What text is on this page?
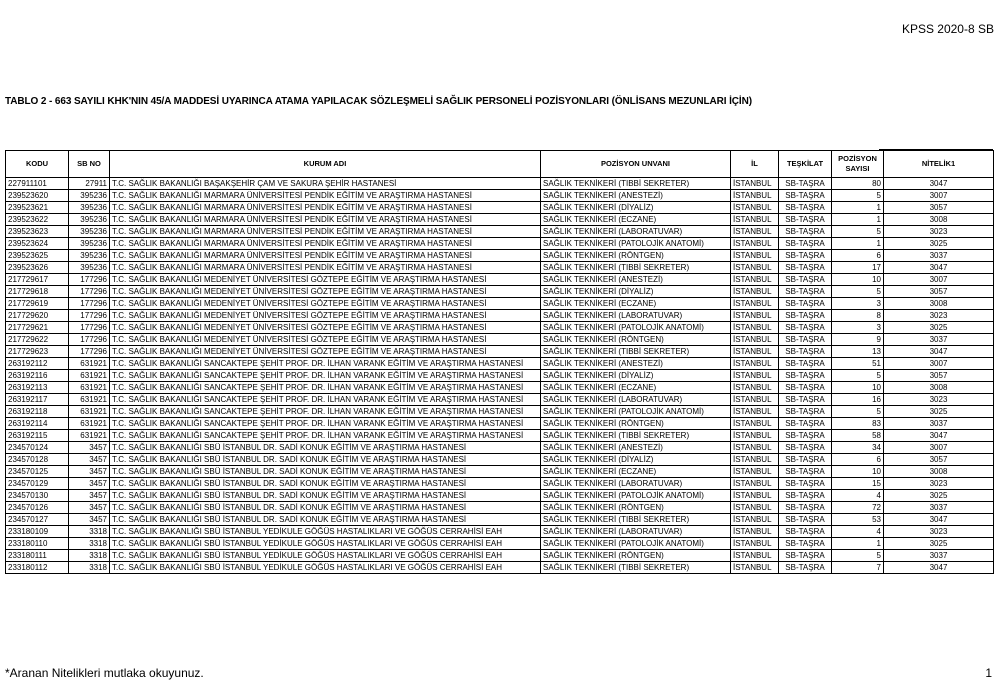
KPSS 2020-8 SB
TABLO 2 - 663 SAYILI KHK'NIN 45/A MADDESİ UYARINCA ATAMA YAPILACAK SÖZLEŞMELİ SAĞLIK PERSONELİ POZİSYONLARI (ÖNLİSANS MEZUNLARI İÇİN)
KODU	SB NO	KURUM ADI	POZİSYON UNVANI	İL	TEŞKİLAT	POZİSYON SAYISI	NİTELİK1
227911101	27911	T.C. SAĞLIK BAKANLIĞI BAŞAKŞEHİR ÇAM VE SAKURA ŞEHİR HASTANESİ	SAĞLIK TEKNİKERİ (TIBBİ SEKRETER)	İSTANBUL	SB-TAŞRA	80	3047
239523620	395236	T.C. SAĞLIK BAKANLIĞI MARMARA ÜNİVERSİTESİ PENDİK EĞİTİM VE ARAŞTIRMA HASTANESİ	SAĞLIK TEKNİKERİ (ANESTEZİ)	İSTANBUL	SB-TAŞRA	5	3007
239523621	395236	T.C. SAĞLIK BAKANLIĞI MARMARA ÜNİVERSİTESİ PENDİK EĞİTİM VE ARAŞTIRMA HASTANESİ	SAĞLIK TEKNİKERİ (DİYALİZ)	İSTANBUL	SB-TAŞRA	1	3057
239523622	395236	T.C. SAĞLIK BAKANLIĞI MARMARA ÜNİVERSİTESİ PENDİK EĞİTİM VE ARAŞTIRMA HASTANESİ	SAĞLIK TEKNİKERİ (ECZANE)	İSTANBUL	SB-TAŞRA	1	3008
239523623	395236	T.C. SAĞLIK BAKANLIĞI MARMARA ÜNİVERSİTESİ PENDİK EĞİTİM VE ARAŞTIRMA HASTANESİ	SAĞLIK TEKNİKERİ (LABORATUVAR)	İSTANBUL	SB-TAŞRA	5	3023
239523624	395236	T.C. SAĞLIK BAKANLIĞI MARMARA ÜNİVERSİTESİ PENDİK EĞİTİM VE ARAŞTIRMA HASTANESİ	SAĞLIK TEKNİKERİ (PATOLOJİK ANATOMİ)	İSTANBUL	SB-TAŞRA	1	3025
239523625	395236	T.C. SAĞLIK BAKANLIĞI MARMARA ÜNİVERSİTESİ PENDİK EĞİTİM VE ARAŞTIRMA HASTANESİ	SAĞLIK TEKNİKERİ (RÖNTGEN)	İSTANBUL	SB-TAŞRA	6	3037
239523626	395236	T.C. SAĞLIK BAKANLIĞI MARMARA ÜNİVERSİTESİ PENDİK EĞİTİM VE ARAŞTIRMA HASTANESİ	SAĞLIK TEKNİKERİ (TIBBİ SEKRETER)	İSTANBUL	SB-TAŞRA	17	3047
217729617	177296	T.C. SAĞLIK BAKANLIĞI MEDENİYET ÜNİVERSİTESİ GÖZTEPE EĞİTİM VE ARAŞTIRMA HASTANESİ	SAĞLIK TEKNİKERİ (ANESTEZİ)	İSTANBUL	SB-TAŞRA	10	3007
217729618	177296	T.C. SAĞLIK BAKANLIĞI MEDENİYET ÜNİVERSİTESİ GÖZTEPE EĞİTİM VE ARAŞTIRMA HASTANESİ	SAĞLIK TEKNİKERİ (DİYALİZ)	İSTANBUL	SB-TAŞRA	5	3057
217729619	177296	T.C. SAĞLIK BAKANLIĞI MEDENİYET ÜNİVERSİTESİ GÖZTEPE EĞİTİM VE ARAŞTIRMA HASTANESİ	SAĞLIK TEKNİKERİ (ECZANE)	İSTANBUL	SB-TAŞRA	3	3008
217729620	177296	T.C. SAĞLIK BAKANLIĞI MEDENİYET ÜNİVERSİTESİ GÖZTEPE EĞİTİM VE ARAŞTIRMA HASTANESİ	SAĞLIK TEKNİKERİ (LABORATUVAR)	İSTANBUL	SB-TAŞRA	8	3023
217729621	177296	T.C. SAĞLIK BAKANLIĞI MEDENİYET ÜNİVERSİTESİ GÖZTEPE EĞİTİM VE ARAŞTIRMA HASTANESİ	SAĞLIK TEKNİKERİ (PATOLOJİK ANATOMİ)	İSTANBUL	SB-TAŞRA	3	3025
217729622	177296	T.C. SAĞLIK BAKANLIĞI MEDENİYET ÜNİVERSİTESİ GÖZTEPE EĞİTİM VE ARAŞTIRMA HASTANESİ	SAĞLIK TEKNİKERİ (RÖNTGEN)	İSTANBUL	SB-TAŞRA	9	3037
217729623	177296	T.C. SAĞLIK BAKANLIĞI MEDENİYET ÜNİVERSİTESİ GÖZTEPE EĞİTİM VE ARAŞTIRMA HASTANESİ	SAĞLIK TEKNİKERİ (TIBBİ SEKRETER)	İSTANBUL	SB-TAŞRA	13	3047
263192112	631921	T.C. SAĞLIK BAKANLIĞI SANCAKTEPE ŞEHİT PROF. DR. İLHAN VARANK EĞİTİM VE ARAŞTIRMA HASTANESİ	SAĞLIK TEKNİKERİ (ANESTEZİ)	İSTANBUL	SB-TAŞRA	51	3007
263192116	631921	T.C. SAĞLIK BAKANLIĞI SANCAKTEPE ŞEHİT PROF. DR. İLHAN VARANK EĞİTİM VE ARAŞTIRMA HASTANESİ	SAĞLIK TEKNİKERİ (DİYALİZ)	İSTANBUL	SB-TAŞRA	5	3057
263192113	631921	T.C. SAĞLIK BAKANLIĞI SANCAKTEPE ŞEHİT PROF. DR. İLHAN VARANK EĞİTİM VE ARAŞTIRMA HASTANESİ	SAĞLIK TEKNİKERİ (ECZANE)	İSTANBUL	SB-TAŞRA	10	3008
263192117	631921	T.C. SAĞLIK BAKANLIĞI SANCAKTEPE ŞEHİT PROF. DR. İLHAN VARANK EĞİTİM VE ARAŞTIRMA HASTANESİ	SAĞLIK TEKNİKERİ (LABORATUVAR)	İSTANBUL	SB-TAŞRA	16	3023
263192118	631921	T.C. SAĞLIK BAKANLIĞI SANCAKTEPE ŞEHİT PROF. DR. İLHAN VARANK EĞİTİM VE ARAŞTIRMA HASTANESİ	SAĞLIK TEKNİKERİ (PATOLOJİK ANATOMİ)	İSTANBUL	SB-TAŞRA	5	3025
263192114	631921	T.C. SAĞLIK BAKANLIĞI SANCAKTEPE ŞEHİT PROF. DR. İLHAN VARANK EĞİTİM VE ARAŞTIRMA HASTANESİ	SAĞLIK TEKNİKERİ (RÖNTGEN)	İSTANBUL	SB-TAŞRA	83	3037
263192115	631921	T.C. SAĞLIK BAKANLIĞI SANCAKTEPE ŞEHİT PROF. DR. İLHAN VARANK EĞİTİM VE ARAŞTIRMA HASTANESİ	SAĞLIK TEKNİKERİ (TIBBİ SEKRETER)	İSTANBUL	SB-TAŞRA	58	3047
234570124	3457	T.C. SAĞLIK BAKANLIĞI SBÜ İSTANBUL DR. SADİ KONUK EĞİTİM VE ARAŞTIRMA HASTANESİ	SAĞLIK TEKNİKERİ (ANESTEZİ)	İSTANBUL	SB-TAŞRA	34	3007
234570128	3457	T.C. SAĞLIK BAKANLIĞI SBÜ İSTANBUL DR. SADİ KONUK EĞİTİM VE ARAŞTIRMA HASTANESİ	SAĞLIK TEKNİKERİ (DİYALİZ)	İSTANBUL	SB-TAŞRA	6	3057
234570125	3457	T.C. SAĞLIK BAKANLIĞI SBÜ İSTANBUL DR. SADİ KONUK EĞİTİM VE ARAŞTIRMA HASTANESİ	SAĞLIK TEKNİKERİ (ECZANE)	İSTANBUL	SB-TAŞRA	10	3008
234570129	3457	T.C. SAĞLIK BAKANLIĞI SBÜ İSTANBUL DR. SADİ KONUK EĞİTİM VE ARAŞTIRMA HASTANESİ	SAĞLIK TEKNİKERİ (LABORATUVAR)	İSTANBUL	SB-TAŞRA	15	3023
234570130	3457	T.C. SAĞLIK BAKANLIĞI SBÜ İSTANBUL DR. SADİ KONUK EĞİTİM VE ARAŞTIRMA HASTANESİ	SAĞLIK TEKNİKERİ (PATOLOJİK ANATOMİ)	İSTANBUL	SB-TAŞRA	4	3025
234570126	3457	T.C. SAĞLIK BAKANLIĞI SBÜ İSTANBUL DR. SADİ KONUK EĞİTİM VE ARAŞTIRMA HASTANESİ	SAĞLIK TEKNİKERİ (RÖNTGEN)	İSTANBUL	SB-TAŞRA	72	3037
234570127	3457	T.C. SAĞLIK BAKANLIĞI SBÜ İSTANBUL DR. SADİ KONUK EĞİTİM VE ARAŞTIRMA HASTANESİ	SAĞLIK TEKNİKERİ (TIBBİ SEKRETER)	İSTANBUL	SB-TAŞRA	53	3047
233180109	3318	T.C. SAĞLIK BAKANLIĞI SBÜ İSTANBUL YEDİKULE GÖĞÜS HASTALIKLARI VE GÖĞÜS CERRAHİSİ EAH	SAĞLIK TEKNİKERİ (LABORATUVAR)	İSTANBUL	SB-TAŞRA	4	3023
233180110	3318	T.C. SAĞLIK BAKANLIĞI SBÜ İSTANBUL YEDİKULE GÖĞÜS HASTALIKLARI VE GÖĞÜS CERRAHİSİ EAH	SAĞLIK TEKNİKERİ (PATOLOJİK ANATOMİ)	İSTANBUL	SB-TAŞRA	1	3025
233180111	3318	T.C. SAĞLIK BAKANLIĞI SBÜ İSTANBUL YEDİKULE GÖĞÜS HASTALIKLARI VE GÖĞÜS CERRAHİSİ EAH	SAĞLIK TEKNİKERİ (RÖNTGEN)	İSTANBUL	SB-TAŞRA	5	3037
233180112	3318	T.C. SAĞLIK BAKANLIĞI SBÜ İSTANBUL YEDİKULE GÖĞÜS HASTALIKLARI VE GÖĞÜS CERRAHİSİ EAH	SAĞLIK TEKNİKERİ (TIBBİ SEKRETER)	İSTANBUL	SB-TAŞRA	7	3047
*Aranan Nitelikleri mutlaka okuyunuz.	1
